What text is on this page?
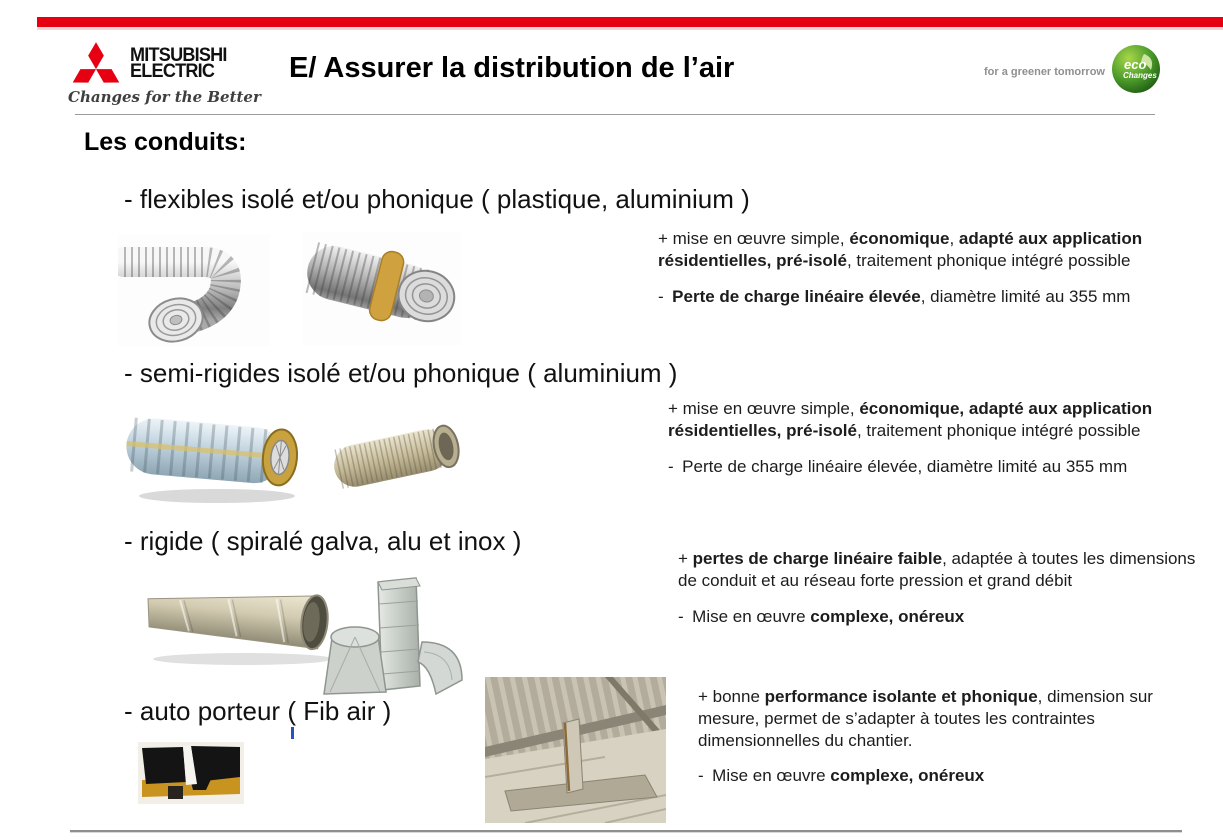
MITSUBISHI
ELECTRIC
Changes for the Better
E/ Assurer la distribution de l’air	for a greener tomorrow eco
Changes
Les conduits:
- flexibles isolé et/ou phonique ( plastique, aluminium )

+ mise en œuvre simple, économique, adapté aux application résidentielles, pré-isolé, traitement phonique intégré possible

- Perte de charge linéaire élevée, diamètre limité au 355 mm

- semi-rigides isolé et/ou phonique ( aluminium )

+ mise en œuvre simple, économique, adapté aux application résidentielles, pré-isolé, traitement phonique intégré possible

- Perte de charge linéaire élevée, diamètre limité au 355 mm

- rigide ( spiralé galva, alu et inox )

+ pertes de charge linéaire faible, adaptée à toutes les dimensions de conduit et au réseau forte pression et grand débit

- Mise en œuvre complexe, onéreux

- auto porteur ( Fib air )	+ bonne performance isolante et phonique, dimension sur mesure, permet de s’adapter à toutes les contraintes dimensionnelles du chantier.

- Mise en œuvre complexe, onéreux
